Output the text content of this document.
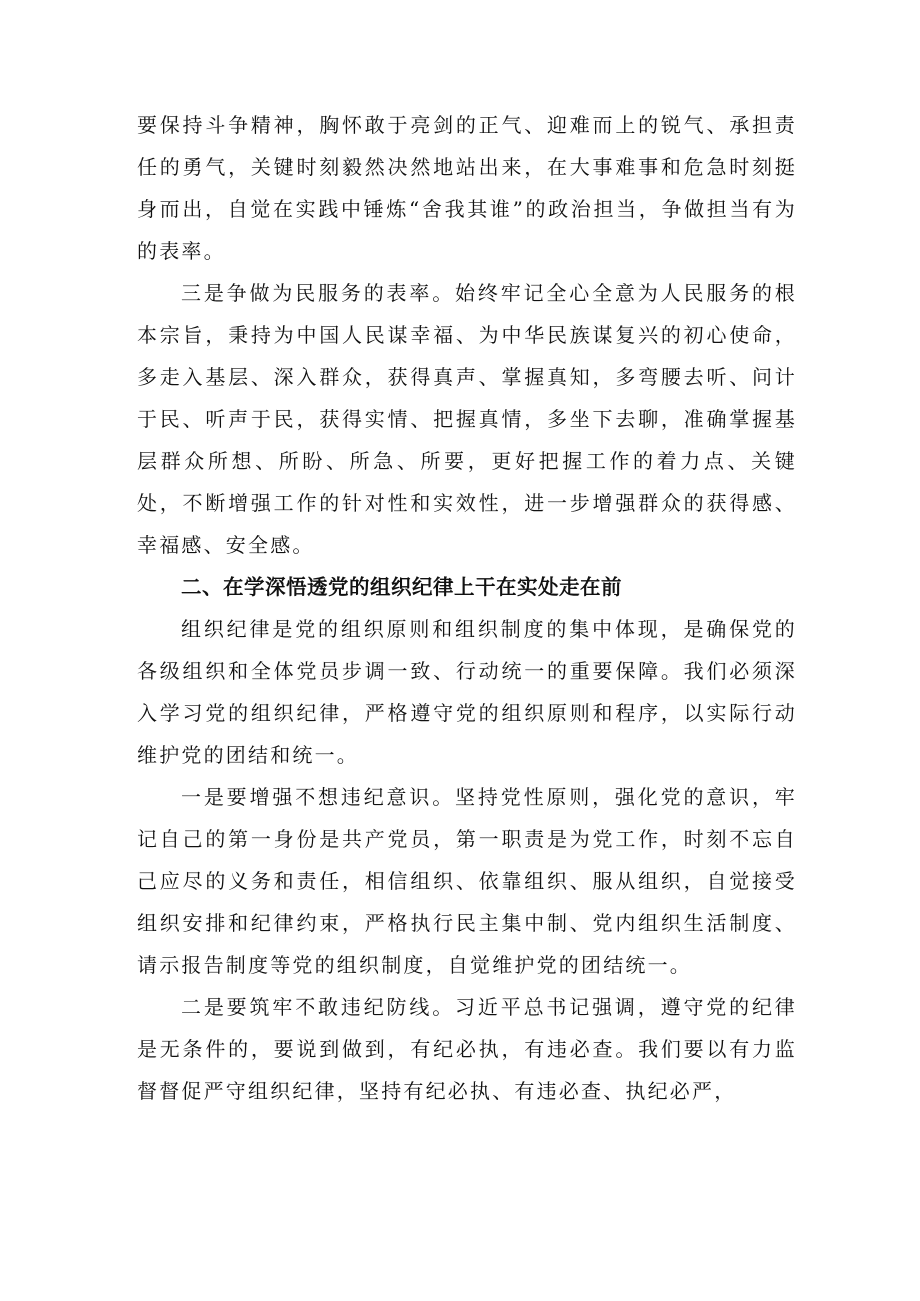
要保持斗争精神，胸怀敢于亮剑的正气、迎难而上的锐气、承担责任的勇气，关键时刻毅然决然地站出来，在大事难事和危急时刻挺身而出，自觉在实践中锤炼“舍我其谁”的政治担当，争做担当有为的表率。

三是争做为民服务的表率。始终牢记全心全意为人民服务的根本宗旨，秉持为中国人民谋幸福、为中华民族谋复兴的初心使命，多走入基层、深入群众，获得真声、掌握真知，多弯腰去听、问计于民、听声于民，获得实情、把握真情，多坐下去聊，准确掌握基层群众所想、所盼、所急、所要，更好把握工作的着力点、关键处，不断增强工作的针对性和实效性，进一步增强群众的获得感、幸福感、安全感。

二、在学深悟透党的组织纪律上干在实处走在前

组织纪律是党的组织原则和组织制度的集中体现，是确保党的各级组织和全体党员步调一致、行动统一的重要保障。我们必须深入学习党的组织纪律，严格遵守党的组织原则和程序，以实际行动维护党的团结和统一。

一是要增强不想违纪意识。坚持党性原则，强化党的意识，牢记自己的第一身份是共产党员，第一职责是为党工作，时刻不忘自己应尽的义务和责任，相信组织、依靠组织、服从组织，自觉接受组织安排和纪律约束，严格执行民主集中制、党内组织生活制度、请示报告制度等党的组织制度，自觉维护党的团结统一。

二是要筑牢不敢违纪防线。习近平总书记强调，遵守党的纪律是无条件的，要说到做到，有纪必执，有违必查。我们要以有力监督督促严守组织纪律，坚持有纪必执、有违必查、执纪必严，
